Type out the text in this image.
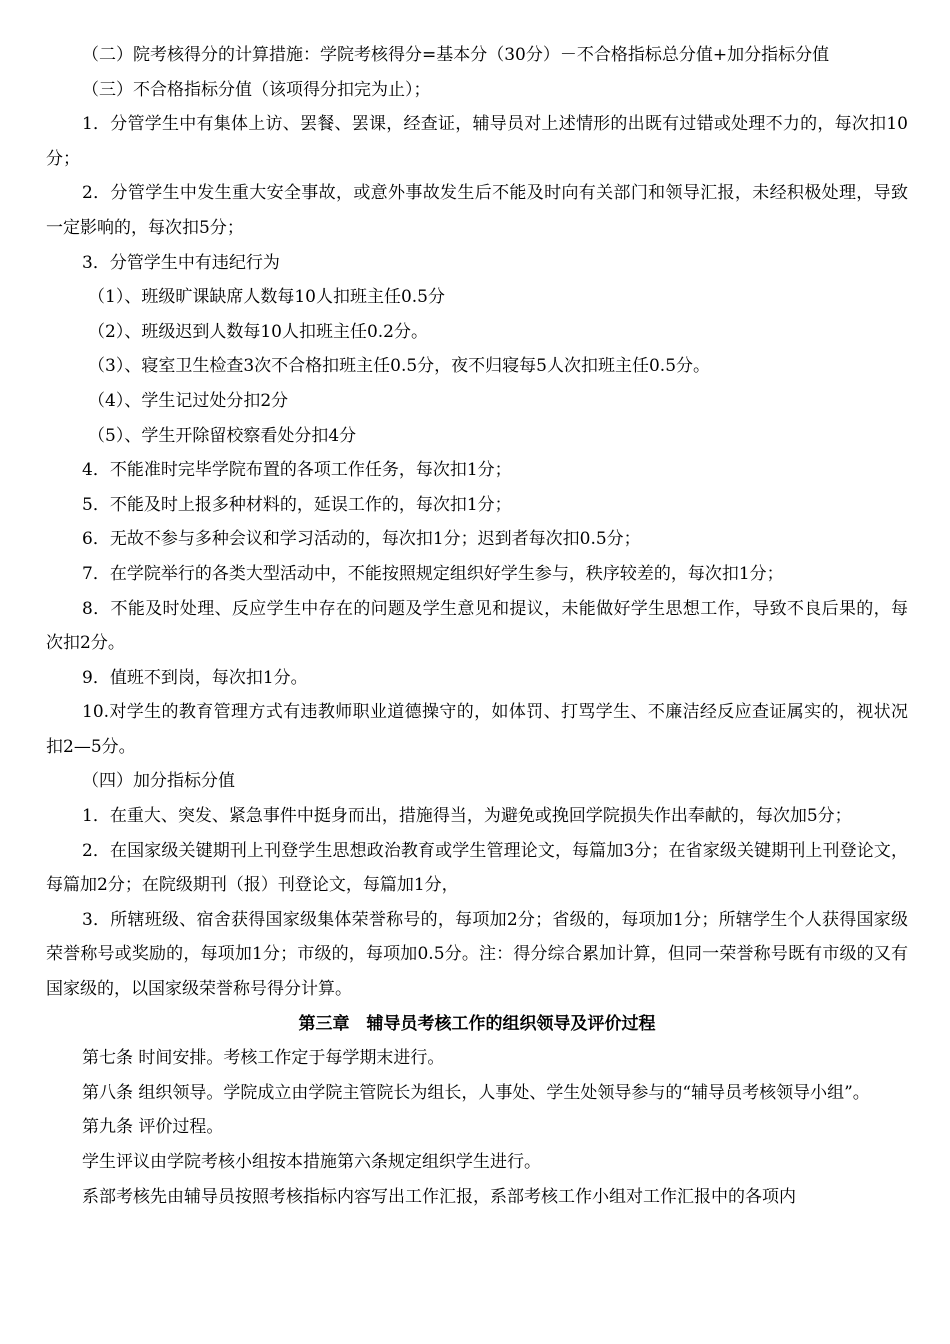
（二）院考核得分的计算措施：学院考核得分=基本分（30分）－不合格指标总分值+加分指标分值

（三）不合格指标分值（该项得分扣完为止）；

1．分管学生中有集体上访、罢餐、罢课，经查证，辅导员对上述情形的出既有过错或处理不力的，每次扣10分；

2．分管学生中发生重大安全事故，或意外事故发生后不能及时向有关部门和领导汇报，未经积极处理，导致一定影响的，每次扣5分；

3．分管学生中有违纪行为

（1）、班级旷课缺席人数每10人扣班主任0.5分

（2）、班级迟到人数每10人扣班主任0.2分。

（3）、寝室卫生检查3次不合格扣班主任0.5分，夜不归寝每5人次扣班主任0.5分。

（4）、学生记过处分扣2分

（5）、学生开除留校察看处分扣4分

4．不能准时完毕学院布置的各项工作任务，每次扣1分；

5．不能及时上报多种材料的，延误工作的，每次扣1分；

6．无故不参与多种会议和学习活动的，每次扣1分；迟到者每次扣0.5分；

7．在学院举行的各类大型活动中，不能按照规定组织好学生参与，秩序较差的，每次扣1分；

8．不能及时处理、反应学生中存在的问题及学生意见和提议，未能做好学生思想工作，导致不良后果的，每次扣2分。

9．值班不到岗，每次扣1分。

10.对学生的教育管理方式有违教师职业道德操守的，如体罚、打骂学生、不廉洁经反应查证属实的，视状况扣2—5分。

（四）加分指标分值

1．在重大、突发、紧急事件中挺身而出，措施得当，为避免或挽回学院损失作出奉献的，每次加5分；

2．在国家级关键期刊上刊登学生思想政治教育或学生管理论文，每篇加3分；在省家级关键期刊上刊登论文，每篇加2分；在院级期刊（报）刊登论文，每篇加1分，

3．所辖班级、宿舍获得国家级集体荣誉称号的，每项加2分；省级的，每项加1分；所辖学生个人获得国家级荣誉称号或奖励的，每项加1分；市级的，每项加0.5分。注：得分综合累加计算，但同一荣誉称号既有市级的又有国家级的，以国家级荣誉称号得分计算。

第三章　辅导员考核工作的组织领导及评价过程

第七条 时间安排。考核工作定于每学期末进行。

第八条 组织领导。学院成立由学院主管院长为组长，人事处、学生处领导参与的“辅导员考核领导小组”。

第九条 评价过程。

学生评议由学院考核小组按本措施第六条规定组织学生进行。

系部考核先由辅导员按照考核指标内容写出工作汇报，系部考核工作小组对工作汇报中的各项内
